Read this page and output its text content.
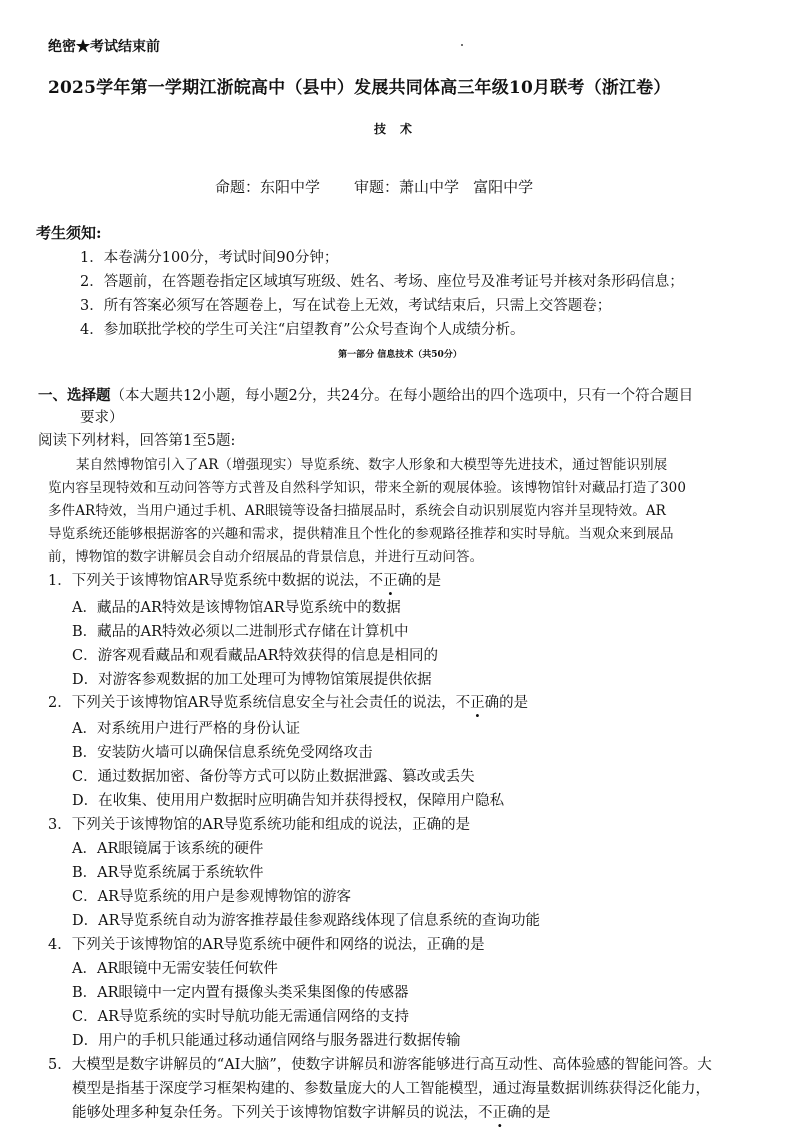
绝密★考试结束前
2025学年第一学期江浙皖高中（县中）发展共同体高三年级10月联考（浙江卷）
技术
命题：东阳中学 审题：萧山中学 富阳中学
考生须知:
1．本卷满分100分，考试时间90分钟；
2．答题前，在答题卷指定区域填写班级、姓名、考场、座位号及准考证号并核对条形码信息；
3．所有答案必须写在答题卷上，写在试卷上无效，考试结束后，只需上交答题卷；
4．参加联批学校的学生可关注“启望教育”公众号查询个人成绩分析。
第一部分 信息技术（共50分）
一、选择题（本大题共12小题，每小题2分，共24分。在每小题给出的四个选项中，只有一个符合题目
要求）
阅读下列材料，回答第1至5题:
某自然博物馆引入了AR（增强现实）导览系统、数字人形象和大模型等先进技术，通过智能识别展
览内容呈现特效和互动问答等方式普及自然科学知识，带来全新的观展体验。该博物馆针对藏品打造了300
多件AR特效，当用户通过手机、AR眼镜等设备扫描展品时，系统会自动识别展览内容并呈现特效。AR
导览系统还能够根据游客的兴趣和需求，提供精准且个性化的参观路径推荐和实时导航。当观众来到展品
前，博物馆的数字讲解员会自动介绍展品的背景信息，并进行互动问答。
1．下列关于该博物馆AR导览系统中数据的说法，不正确的是
A．藏品的AR特效是该博物馆AR导览系统中的数据
B．藏品的AR特效必须以二进制形式存储在计算机中
C．游客观看藏品和观看藏品AR特效获得的信息是相同的
D．对游客参观数据的加工处理可为博物馆策展提供依据
2．下列关于该博物馆AR导览系统信息安全与社会责任的说法，不正确的是
A．对系统用户进行严格的身份认证
B．安装防火墙可以确保信息系统免受网络攻击
C．通过数据加密、备份等方式可以防止数据泄露、篡改或丢失
D．在收集、使用用户数据时应明确告知并获得授权，保障用户隐私
3．下列关于该博物馆的AR导览系统功能和组成的说法，正确的是
A．AR眼镜属于该系统的硬件
B．AR导览系统属于系统软件
C．AR导览系统的用户是参观博物馆的游客
D．AR导览系统自动为游客推荐最佳参观路线体现了信息系统的查询功能
4．下列关于该博物馆的AR导览系统中硬件和网络的说法，正确的是
A．AR眼镜中无需安装任何软件
B．AR眼镜中一定内置有摄像头类采集图像的传感器
C．AR导览系统的实时导航功能无需通信网络的支持
D．用户的手机只能通过移动通信网络与服务器进行数据传输
5．大模型是数字讲解员的“AI大脑”，使数字讲解员和游客能够进行高互动性、高体验感的智能问答。大
模型是指基于深度学习框架构建的、参数量庞大的人工智能模型，通过海量数据训练获得泛化能力，
能够处理多种复杂任务。下列关于该博物馆数字讲解员的说法，不正确的是
